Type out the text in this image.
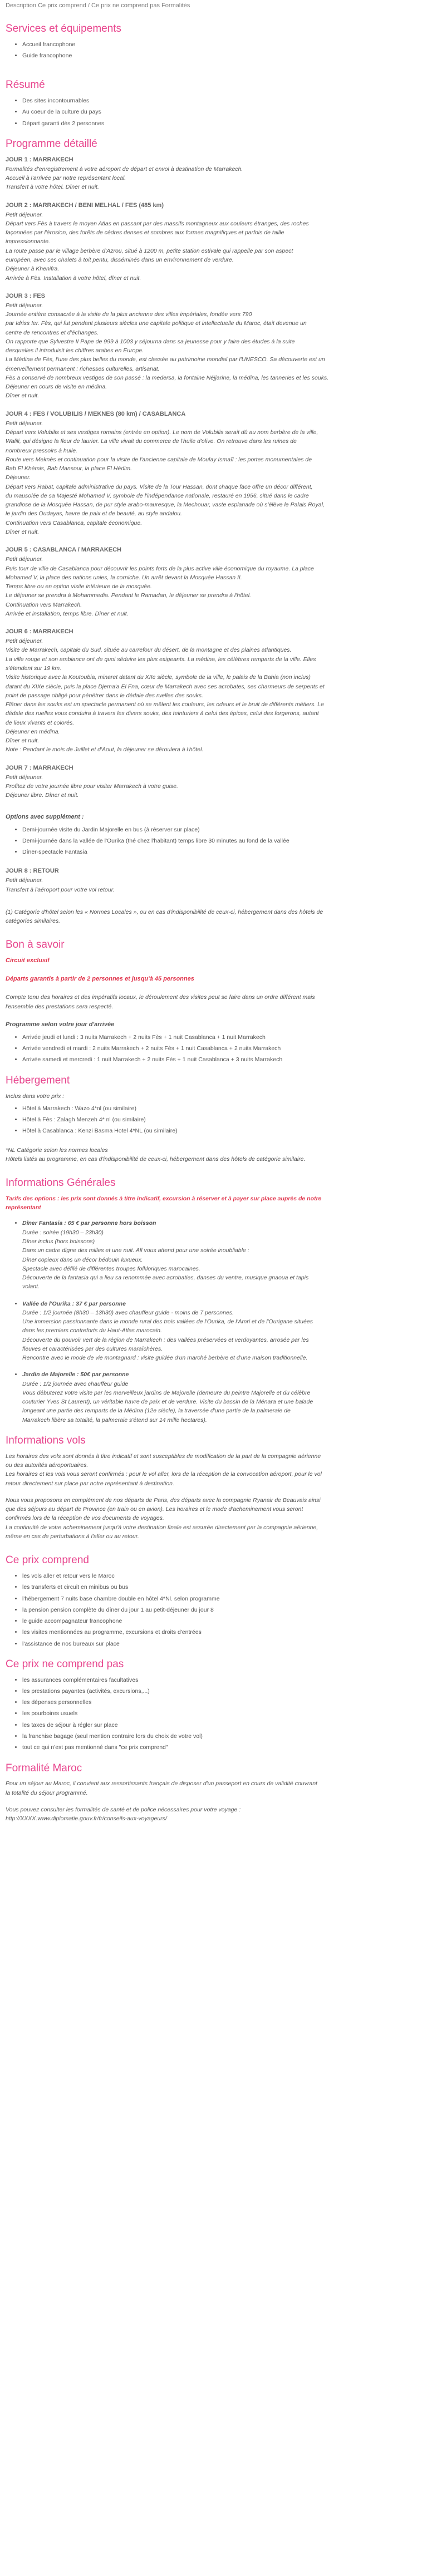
Description Ce prix comprend / Ce prix ne comprend pas Formalités

Services et équipements
• Accueil francophone
• Guide francophone
Résumé
• Des sites incontournables
• Au coeur de la culture du pays
• Départ garanti dès 2 personnes
Programme détaillé
JOUR 1 : MARRAKECH
Formalités d'enregistrement à votre aéroport de départ et envol à destination de Marrakech.
Accueil à l'arrivée par notre représentant local.
Transfert à votre hôtel. Dîner et nuit.
JOUR 2 : MARRAKECH / BENI MELHAL / FES (485 km)
Petit déjeuner.
Départ vers Fès à travers le moyen Atlas en passant par des massifs montagneux aux couleurs étranges, des roches
façonnées par l'érosion, des forêts de cèdres denses et sombres aux formes magnifiques et parfois de taille
impressionnante.
La route passe par le village berbère d'Azrou, situé à 1200 m, petite station estivale qui rappelle par son aspect
européen, avec ses chalets à toit pentu, disséminés dans un environnement de verdure.
Déjeuner à Khenifra.
Arrivée à Fès. Installation à votre hôtel, dîner et nuit.
JOUR 3 : FES
Petit déjeuner.
Journée entière consacrée à la visite de la plus ancienne des villes impériales, fondée vers 790
par Idriss Ier. Fès, qui fut pendant plusieurs siècles une capitale politique et intellectuelle du Maroc, était devenue un
centre de rencontres et d'échanges.
On rapporte que Sylvestre II Pape de 999 à 1003 y séjourna dans sa jeunesse pour y faire des études à la suite
desquelles il introduisit les chiffres arabes en Europe.
La Médina de Fès, l'une des plus belles du monde, est classée au patrimoine mondial par l'UNESCO. Sa découverte est un
émerveillement permanent : richesses culturelles, artisanat.
Fès a conservé de nombreux vestiges de son passé : la medersa, la fontaine Néjjarine, la médina, les tanneries et les souks.
Déjeuner en cours de visite en médina.
Dîner et nuit.
JOUR 4 : FES / VOLUBILIS / MEKNES (80 km) / CASABLANCA
Petit déjeuner.
Départ vers Volubilis et ses vestiges romains (entrée en option). Le nom de Volubilis serait dû au nom berbère de la ville,
Walili, qui désigne la fleur de laurier. La ville vivait du commerce de l'huile d'olive. On retrouve dans les ruines de
nombreux pressoirs à huile.
Route vers Meknès et continuation pour la visite de l'ancienne capitale de Moulay Ismaïl : les portes monumentales de
Bab El Khémis, Bab Mansour, la place El Hédim.
Déjeuner.
Départ vers Rabat, capitale administrative du pays. Visite de la Tour Hassan, dont chaque face offre un décor différent,
du mausolée de sa Majesté Mohamed V, symbole de l'indépendance nationale, restauré en 1956, situé dans le cadre
grandiose de la Mosquée Hassan, de pur style arabo-mauresque, la Mechouar, vaste esplanade où s'élève le Palais Royal,
le jardin des Oudayas, havre de paix et de beauté, au style andalou.
Continuation vers Casablanca, capitale économique.
Dîner et nuit.
JOUR 5 : CASABLANCA / MARRAKECH
Petit déjeuner.
Puis tour de ville de Casablanca pour découvrir les points forts de la plus active ville économique du royaume. La place
Mohamed V, la place des nations unies, la corniche. Un arrêt devant la Mosquée Hassan II.
Temps libre ou en option visite intérieure de la mosquée.
Le déjeuner se prendra à Mohammedia. Pendant le Ramadan, le déjeuner se prendra à l'hôtel.
Continuation vers Marrakech.
Arrivée et installation, temps libre. Dîner et nuit.
JOUR 6 : MARRAKECH
Petit déjeuner.
Visite de Marrakech, capitale du Sud, située au carrefour du désert, de la montagne et des plaines atlantiques.
La ville rouge et son ambiance ont de quoi séduire les plus exigeants. La médina, les célèbres remparts de la ville. Elles
s'étendent sur 19 km.
Visite historique avec la Koutoubia, minaret datant du XIIe siècle, symbole de la ville, le palais de la Bahia (non inclus)
datant du XIXe siècle, puis la place Djema'a El Fna, cœur de Marrakech avec ses acrobates, ses charmeurs de serpents et
point de passage obligé pour pénétrer dans le dédale des ruelles des souks.
Flâner dans les souks est un spectacle permanent où se mêlent les couleurs, les odeurs et le bruit de différents métiers. Le
dédale des ruelles vous conduira à travers les divers souks, des teinturiers à celui des épices, celui des forgerons, autant
de lieux vivants et colorés.
Déjeuner en médina.
Dîner et nuit.
Note : Pendant le mois de Juillet et d'Aout, la déjeuner se déroulera à l'hôtel.
JOUR 7 : MARRAKECH
Petit déjeuner.
Profitez de votre journée libre pour visiter Marrakech à votre guise.
Déjeuner libre. Dîner et nuit.

Options avec supplément :

• Demi-journée visite du Jardin Majorelle en bus (à réserver sur place)
• Demi-journée dans la vallée de l'Ourika (thé chez l'habitant) temps libre 30 minutes au fond de la vallée
• Dîner-spectacle Fantasia
JOUR 8 : RETOUR
Petit déjeuner.
Transfert à l'aéroport pour votre vol retour.
(1) Catégorie d'hôtel selon les « Normes Locales », ou en cas d'indisponibilité de ceux-ci, hébergement dans des hôtels de
catégories similaires.
Bon à savoir

Circuit exclusif

Départs garantis à partir de 2 personnes et jusqu'à 45 personnes

Compte tenu des horaires et des impératifs locaux, le déroulement des visites peut se faire dans un ordre différent mais
l'ensemble des prestations sera respecté.

Programme selon votre jour d'arrivée

• Arrivée jeudi et lundi : 3 nuits Marrakech + 2 nuits Fès + 1 nuit Casablanca + 1 nuit Marrakech
• Arrivée vendredi et mardi : 2 nuits Marrakech + 2 nuits Fès + 1 nuit Casablanca + 2 nuits Marrakech
• Arrivée samedi et mercredi : 1 nuit Marrakech + 2 nuits Fès + 1 nuit Casablanca + 3 nuits Marrakech
Hébergement
Inclus dans votre prix :
• Hôtel à Marrakech : Wazo 4*nl (ou similaire)
• Hôtel à Fès : Zalagh Menzeh 4* nl (ou similaire)
• Hôtel à Casablanca : Kenzi Basma Hotel 4*NL (ou similaire)
*NL Catégorie selon les normes locales
Hôtels listés au programme, en cas d'indisponibilité de ceux-ci, hébergement dans des hôtels de catégorie similaire.
Informations Générales
Tarifs des options : les prix sont donnés à titre indicatif, excursion à réserver et à payer sur place auprès de notre
représentant
• Dîner Fantasia : 65 € par personne hors boisson
Durée : soirée (19h30 – 23h30)
Dîner inclus (hors boissons)
Dans un cadre digne des milles et une nuit. All vous attend pour une soirée inoubliable :
Dîner copieux dans un décor bédouin luxueux.
Spectacle avec défilé de différentes troupes folkloriques marocaines.
Découverte de la fantasia qui a lieu sa renommée avec acrobaties, danses du ventre, musique gnaoua et tapis
volant.
• Vallée de l'Ourika : 37 € par personne
Durée : 1/2 journée (8h30 – 13h30) avec chauffeur guide - moins de 7 personnes.
Une immersion passionnante dans le monde rural des trois vallées de l'Ourika, de l'Amri et de l'Ourigane situées
dans les premiers contreforts du Haut-Atlas marocain.
Découverte du pouvoir vert de la région de Marrakech : des vallées préservées et verdoyantes, arrosée par les
fleuves et caractérisées par des cultures maraîchères.
Rencontre avec le mode de vie montagnard : visite guidée d'un marché berbère et d'une maison traditionnelle.
• Jardin de Majorelle : 50€ par personne
Durée : 1/2 journée avec chauffeur guide
Vous débuterez votre visite par les merveilleux jardins de Majorelle (demeure du peintre Majorelle et du célèbre
couturier Yves St Laurent), un véritable havre de paix et de verdure. Visite du bassin de la Ménara et une balade
longeant une partie des remparts de la Médina (12e siècle), la traversée d'une partie de la palmeraie de
Marrakech libère sa totalité, la palmeraie s'étend sur 14 mille hectares).
Informations vols
Les horaires des vols sont donnés à titre indicatif et sont susceptibles de modification de la part de la compagnie aérienne
ou des autorités aéroportuaires.
Les horaires et les vols vous seront confirmés : pour le vol aller, lors de la réception de la convocation aéroport, pour le vol
retour directement sur place par notre représentant à destination.
Nous vous proposons en complément de nos départs de Paris, des départs avec la compagnie Ryanair de Beauvais ainsi
que des séjours au départ de Province (en train ou en avion). Les horaires et le mode d'acheminement vous seront
confirmés lors de la réception de vos documents de voyages.
La continuité de votre acheminement jusqu'à votre destination finale est assurée directement par la compagnie aérienne,
même en cas de perturbations à l'aller ou au retour.
Ce prix comprend
• les vols aller et retour vers le Maroc
• les transferts et circuit en minibus ou bus
• l'hébergement 7 nuits base chambre double en hôtel 4*Nl. selon programme
• la pension pension complète du dîner du jour 1 au petit-déjeuner du jour 8
• le guide accompagnateur francophone
• les visites mentionnées au programme, excursions et droits d'entrées
• l'assistance de nos bureaux sur place
Ce prix ne comprend pas
• les assurances complémentaires facultatives
• les prestations payantes (activités, excursions,...)
• les dépenses personnelles
• les pourboires usuels
• les taxes de séjour à régler sur place
• la franchise bagage (seul mention contraire lors du choix de votre vol)
• tout ce qui n'est pas mentionné dans "ce prix comprend"
Formalité Maroc
Pour un séjour au Maroc, il convient aux ressortissants français de disposer d'un passeport en cours de validité couvrant
la totalité du séjour programmé.
Vous pouvez consulter les formalités de santé et de police nécessaires pour votre voyage :
http://XXXX.www.diplomatie.gouv.fr/fr/conseils-aux-voyageurs/
